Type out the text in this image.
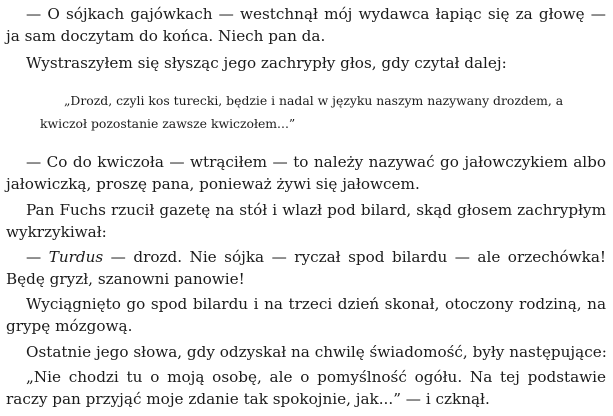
— O sójkach gajówkach — westchnął mój wydawca łapiąc się za głowę — ja sam doczytam do końca. Niech pan da.

Wystraszyłem się słysząc jego zachrypły głos, gdy czytał dalej:

„Drozd, czyli kos turecki, będzie i nadal w języku naszym nazywany drozdem, a kwiczoł pozostanie zawsze kwiczołem...”

— Co do kwiczoła — wtrąciłem — to należy nazywać go jałowczykiem albo jałowiczką, proszę pana, ponieważ żywi się jałowcem.

Pan Fuchs rzucił gazetę na stół i wlazł pod bilard, skąd głosem zachrypłym wykrzykiwał:

— Turdus — drozd. Nie sójka — ryczał spod bilardu — ale orzechówka! Będę gryzł, szanowni panowie!

Wyciągnięto go spod bilardu i na trzeci dzień skonał, otoczony rodziną, na grypę mózgową.

Ostatnie jego słowa, gdy odzyskał na chwilę świadomość, były następujące:

„Nie chodzi tu o moją osobę, ale o pomyślność ogółu. Na tej podstawie raczy pan przyjąć moje zdanie tak spokojnie, jak...” — i czknął.
